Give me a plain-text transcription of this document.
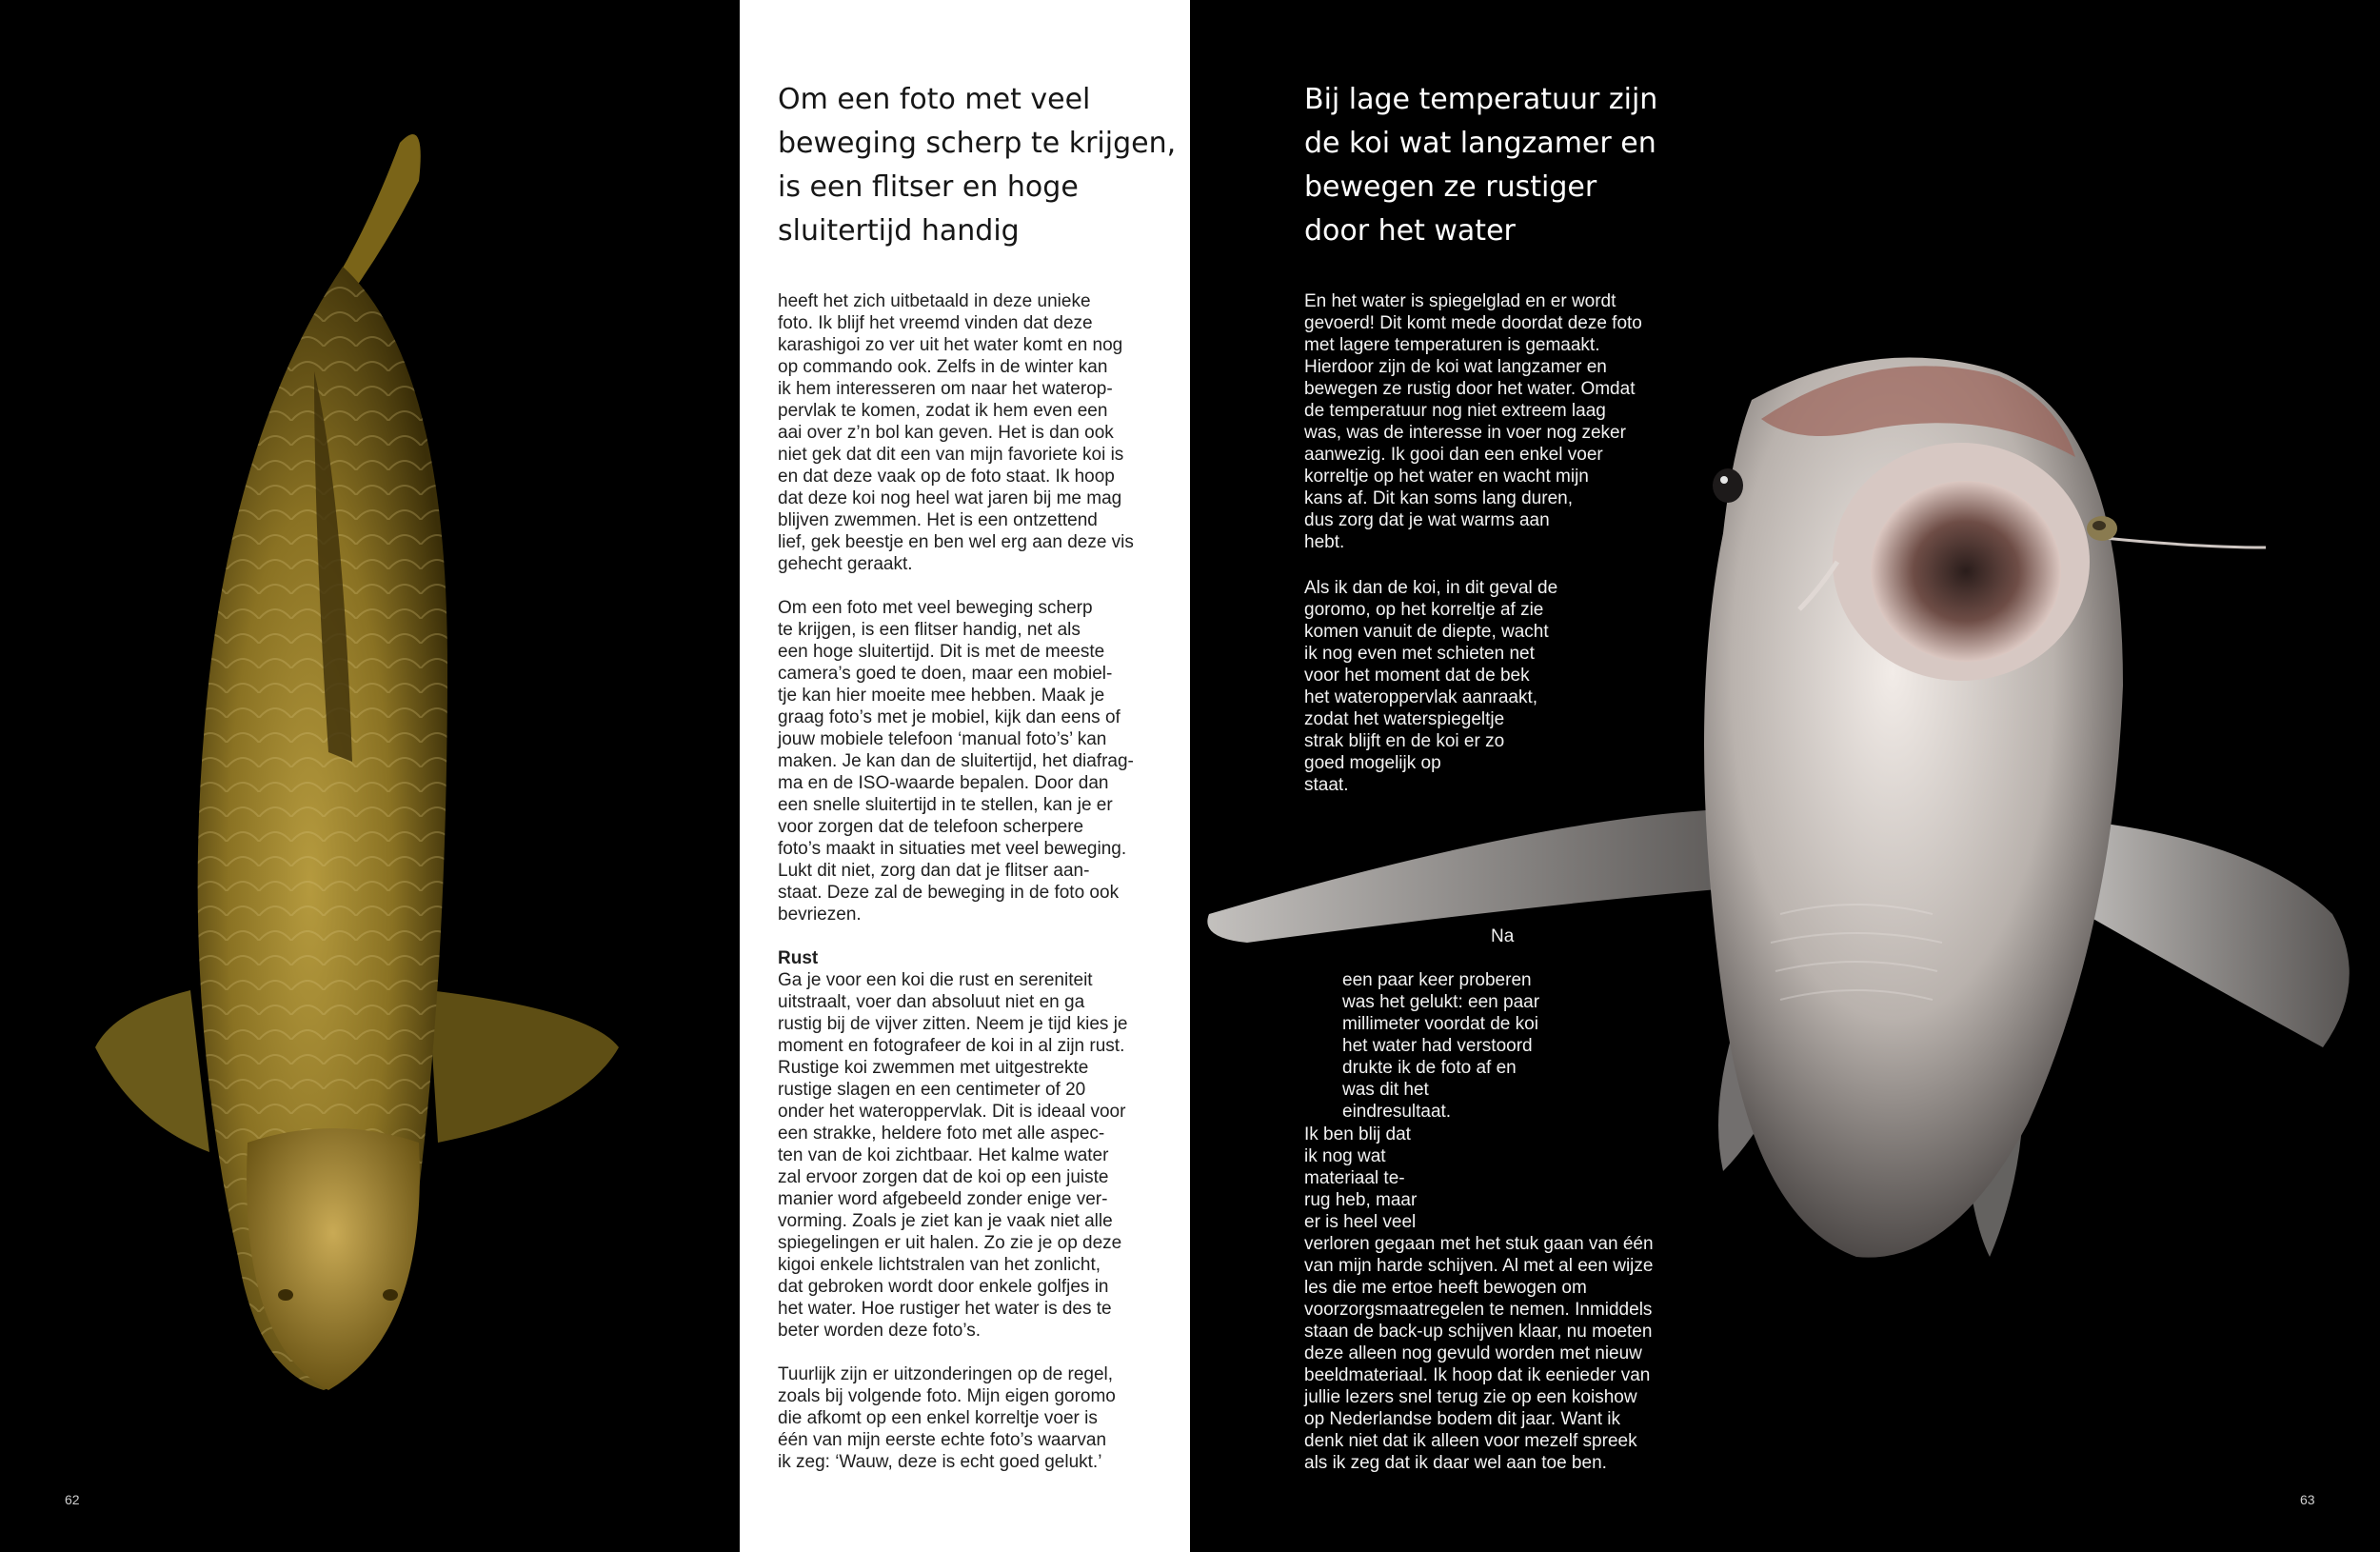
62
Om een foto met veel beweging scherp te krijgen, is een flitser en hoge sluitertijd handig

heeft het zich uitbetaald in deze unieke
foto. Ik blijf het vreemd vinden dat deze
karashigoi zo ver uit het water komt en nog
op commando ook. Zelfs in de winter kan
ik hem interesseren om naar het waterop-
pervlak te komen, zodat ik hem even een
aai over z’n bol kan geven. Het is dan ook
niet gek dat dit een van mijn favoriete koi is
en dat deze vaak op de foto staat. Ik hoop
dat deze koi nog heel wat jaren bij me mag
blijven zwemmen. Het is een ontzettend
lief, gek beestje en ben wel erg aan deze vis
gehecht geraakt.

Om een foto met veel beweging scherp
te krijgen, is een flitser handig, net als
een hoge sluitertijd. Dit is met de meeste
camera’s goed te doen, maar een mobiel-
tje kan hier moeite mee hebben. Maak je
graag foto’s met je mobiel, kijk dan eens of
jouw mobiele telefoon ‘manual foto’s’ kan
maken. Je kan dan de sluitertijd, het diafrag-
ma en de ISO-waarde bepalen. Door dan
een snelle sluitertijd in te stellen, kan je er
voor zorgen dat de telefoon scherpere
foto’s maakt in situaties met veel beweging.
Lukt dit niet, zorg dan dat je flitser aan-
staat. Deze zal de beweging in de foto ook
bevriezen.

Rust

Ga je voor een koi die rust en sereniteit
uitstraalt, voer dan absoluut niet en ga
rustig bij de vijver zitten. Neem je tijd kies je
moment en fotografeer de koi in al zijn rust.
Rustige koi zwemmen met uitgestrekte
rustige slagen en een centimeter of 20
onder het wateroppervlak. Dit is ideaal voor
een strakke, heldere foto met alle aspec-
ten van de koi zichtbaar. Het kalme water
zal ervoor zorgen dat de koi op een juiste
manier word afgebeeld zonder enige ver-
vorming. Zoals je ziet kan je vaak niet alle
spiegelingen er uit halen. Zo zie je op deze
kigoi enkele lichtstralen van het zonlicht,
dat gebroken wordt door enkele golfjes in
het water. Hoe rustiger het water is des te
beter worden deze foto’s.

Tuurlijk zijn er uitzonderingen op de regel,
zoals bij volgende foto. Mijn eigen goromo
die afkomt op een enkel korreltje voer is
één van mijn eerste echte foto’s waarvan
ik zeg: ‘Wauw, deze is echt goed gelukt.’

Bij lage temperatuur zijn de koi wat langzamer en bewegen ze rustiger door het water
En het water is spiegelglad en er wordt
gevoerd! Dit komt mede doordat deze foto
met lagere temperaturen is gemaakt.
Hierdoor zijn de koi wat langzamer en
bewegen ze rustig door het water. Omdat
de temperatuur nog niet extreem laag
was, was de interesse in voer nog zeker
aanwezig. Ik gooi dan een enkel voer
korreltje op het water en wacht mijn
kans af. Dit kan soms lang duren,
dus zorg dat je wat warms aan
hebt.
Als ik dan de koi, in dit geval de
goromo, op het korreltje af zie
komen vanuit de diepte, wacht
ik nog even met schieten net
voor het moment dat de bek
het wateroppervlak aanraakt,
zodat het waterspiegeltje
strak blijft en de koi er zo
goed mogelijk op
staat.
Na

een paar keer proberen
was het gelukt: een paar
millimeter voordat de koi
het water had verstoord
drukte ik de foto af en
was dit het
eindresultaat.

Ik ben blij dat
ik nog wat
materiaal te-
rug heb, maar
er is heel veel
verloren gegaan met het stuk gaan van één
van mijn harde schijven. Al met al een wijze
les die me ertoe heeft bewogen om
voorzorgsmaatregelen te nemen. Inmiddels
staan de back-up schijven klaar, nu moeten
deze alleen nog gevuld worden met nieuw
beeldmateriaal. Ik hoop dat ik eenieder van
jullie lezers snel terug zie op een koishow
op Nederlandse bodem dit jaar. Want ik
denk niet dat ik alleen voor mezelf spreek
als ik zeg dat ik daar wel aan toe ben.
63
